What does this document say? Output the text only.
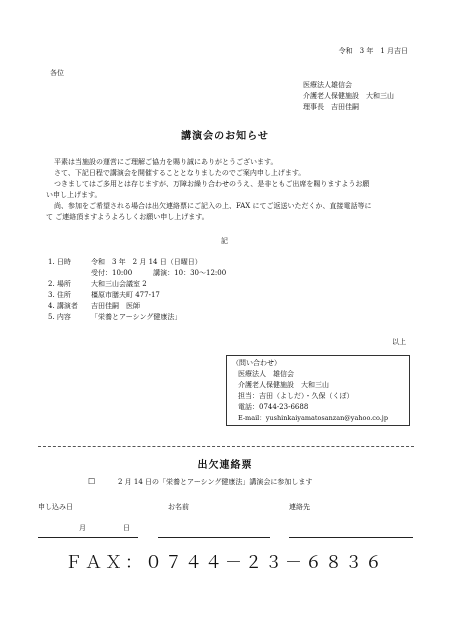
令和　3 年　1 月吉日
各位
医療法人雄信会
介護老人保健施設　大和三山
理事長　吉田佳嗣
講演会のお知らせ
平素は当施設の運営にご理解ご協力を賜り誠にありがとうございます。
さて、下記日程で講演会を開催することとなりましたのでご案内申し上げます。
つきましてはご多用とは存じますが、万障お繰り合わせのうえ、是非ともご出席を賜りますようお願
い申し上げます。
尚、参加をご希望される場合は出欠連絡票にご記入の上、FAX にてご返送いただくか、直接電話等に
て ご連絡頂ますようよろしくお願い申し上げます。
記
1. 日時	令和　3 年　2 月 14 日（日曜日）
受付：10:00　　　講演：10：30～12:00
2. 場所	大和三山会議室 2
3. 住所	橿原市膳夫町 477-17
4. 講演者 吉田佳嗣　医師
5. 内容	「栄養とアーシング健康法」
以上
（問い合わせ）
医療法人　雄信会
介護老人保健施設　大和三山
担当：吉田（よしだ）・久保（くぼ）
電話：0744-23-6688
E-mail：yushinkaiyamatosanzan@yahoo.co.jp
出欠連絡票
☐	2 月 14 日の「栄養とアーシング健康法」講演会に参加します
申し込み日	お名前	連絡先
月	日
ＦＡＸ：０７４４－２３－６８３６
